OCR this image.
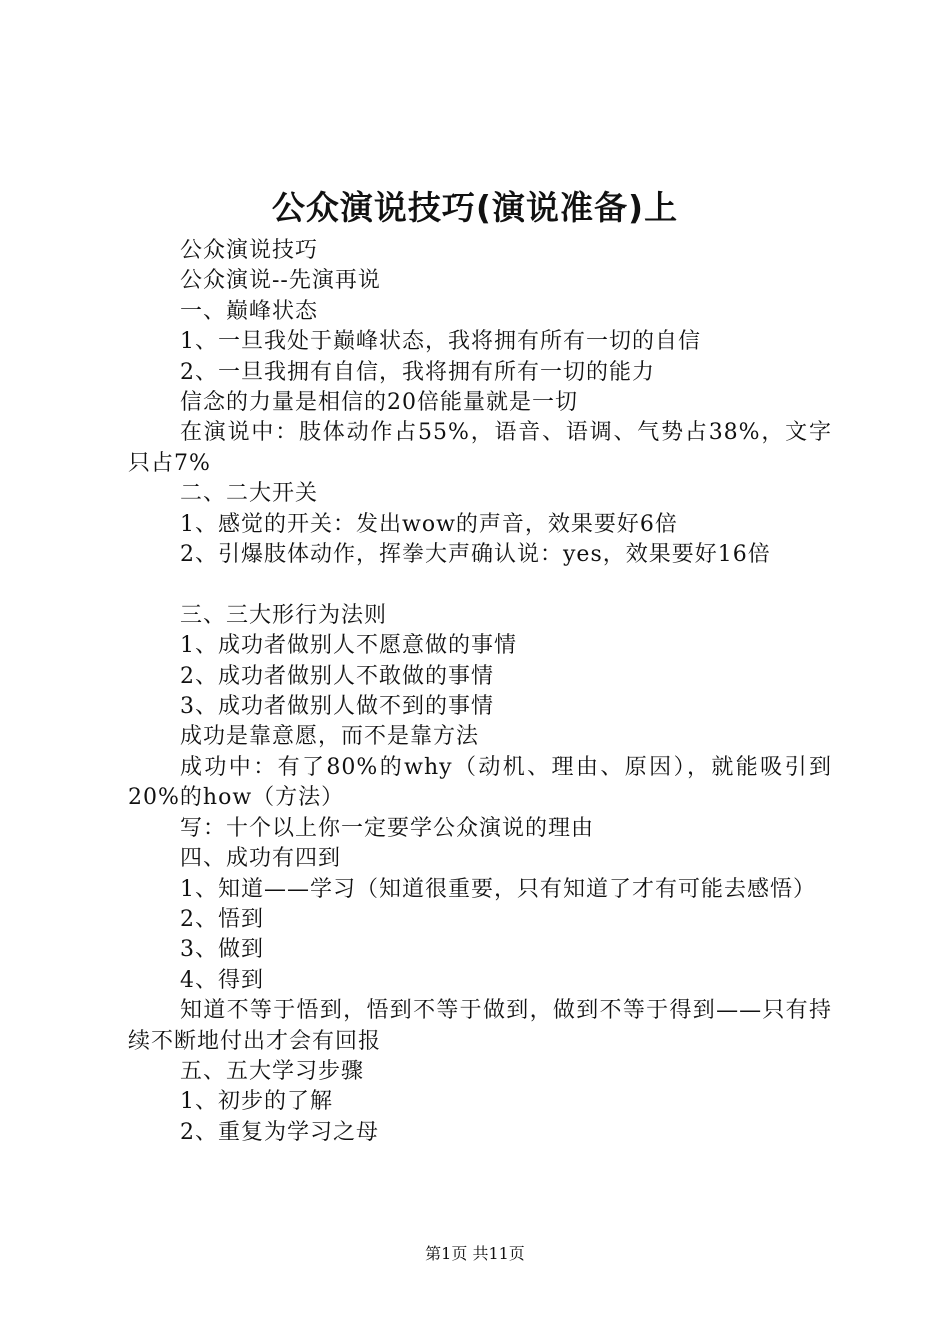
公众演说技巧(演说准备)上

公众演说技巧

公众演说--先演再说

一、巅峰状态

1、一旦我处于巅峰状态，我将拥有所有一切的自信

2、一旦我拥有自信，我将拥有所有一切的能力

信念的力量是相信的20倍能量就是一切

在演说中：肢体动作占55%，语音、语调、气势占38%，文字只占7%

二、二大开关

1、感觉的开关：发出wow的声音，效果要好6倍

2、引爆肢体动作，挥拳大声确认说：yes，效果要好16倍

三、三大形行为法则

1、成功者做别人不愿意做的事情

2、成功者做别人不敢做的事情

3、成功者做别人做不到的事情

成功是靠意愿，而不是靠方法

成功中：有了80%的why（动机、理由、原因），就能吸引到20%的how（方法）

写：十个以上你一定要学公众演说的理由

四、成功有四到

1、知道——学习（知道很重要，只有知道了才有可能去感悟）

2、悟到

3、做到

4、得到

知道不等于悟到，悟到不等于做到，做到不等于得到——只有持续不断地付出才会有回报

五、五大学习步骤

1、初步的了解

2、重复为学习之母

第1页 共11页
